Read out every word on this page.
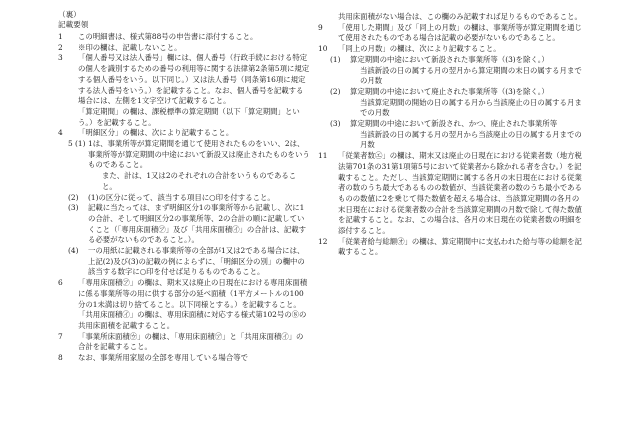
（裏）
記載要領
1	この明細書は、様式第88号の申告書に添付すること。
2	※印の欄は、記載しないこと。
3	「個人番号又は法人番号」欄には、個人番号（行政手続における特定の個人を識別するための番号の利用等に関する法律第2条第5項に規定する個人番号をいう。以下同じ。）又は法人番号（同条第16項に規定する法人番号をいう。）を記載すること。なお、個人番号を記載する場合には、左側を1文字空けて記載すること。
「算定期間」の欄は、課税標準の算定期間（以下「算定期間」という。）を記載すること。
4	「明細区分」の欄は、次により記載すること。
5 (1) 1は、事業所等が算定期間を通じて使用されたものをいい、2は、事業所等が算定期間の中途において新設又は廃止されたものをいうものであること。
また、計は、1又は2のそれぞれの合計をいうものであること。
(2)	(1)の区分に従って、該当する項目に○印を付すること。
(3)	記載に当たっては、まず明細区分1の事業所等から記載し、次に1の合計、そして明細区分2の事業所等、2の合計の順に記載していくこと（「専用床面積㋐」及び「共用床面積㋑」の合計は、記載する必要がないものであること。）。
(4)	一の用紙に記載される事業所等の全部が1又は2である場合には、上記(2)及び(3)の記載の例によらずに、「明細区分の別」の欄中の該当する数字に○印を付せば足りるものであること。
6	「専用床面積㋐」の欄は、期末又は廃止の日現在における専用床面積に係る事業所等の用に供する部分の延べ面積（1平方メートルの100分の1未満は切り捨てること。以下同様とする。）を記載すること。
「共用床面積㋑」の欄は、専用床面積に対応する様式第102号の⑧の共用床面積を記載すること。
7	「事業所床面積㋒」の欄は、「専用床面積㋐」と「共用床面積㋑」の合計を記載すること。
8	なお、事業所用家屋の全部を専用している場合等で
共用床面積がない場合は、この欄のみ記載すれば足りるものであること。
9	「使用した期間」及び「同上の月数」の欄は、事業所等が算定期間を通じて使用されたものである場合は記載の必要がないものであること。
10	「同上の月数」の欄は、次により記載すること。
(1)	算定期間の中途において新設された事業所等（(3)を除く。）
当該新設の日の属する月の翌月から算定期間の末日の属する月までの月数
(2)	算定期間の中途において廃止された事業所等（(3)を除く。）
当該算定期間の開始の日の属する月から当該廃止の日の属する月までの月数
(3)	算定期間の中途において新設され、かつ、廃止された事業所等
当該新設の日の属する月の翌月から当該廃止の日の属する月までの月数
11	「従業者数㋓」の欄は、期末又は廃止の日現在における従業者数（地方税法第701条の31第1項第5号において従業者から除かれる者を含む。）を記載すること。ただし、当該算定期間に属する各月の末日現在における従業者の数のうち最大であるものの数値が、当該従業者の数のうち最小であるものの数値に2を乗じて得た数値を超える場合は、当該算定期間の各月の末日現在における従業者数の合計を当該算定期間の月数で除して得た数値を記載すること。なお、この場合は、各月の末日現在の従業者数の明細を添付すること。
12	「従業者給与総額㋔」の欄は、算定期間中に支払われた給与等の総額を記載すること。
